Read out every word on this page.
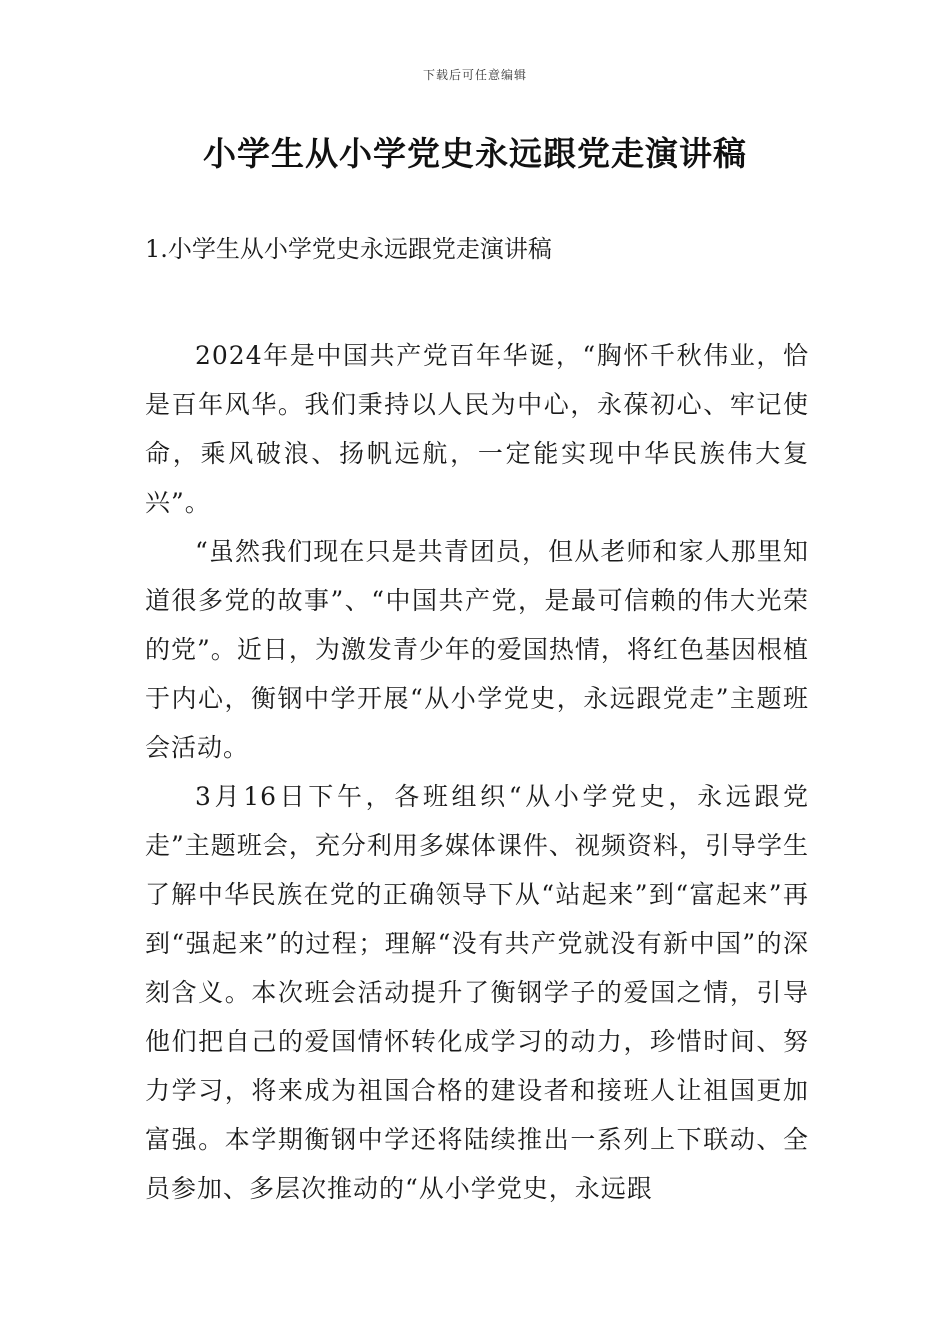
下载后可任意编辑
小学生从小学党史永远跟党走演讲稿
1.小学生从小学党史永远跟党走演讲稿

2024年是中国共产党百年华诞，“胸怀千秋伟业，恰是百年风华。我们秉持以人民为中心，永葆初心、牢记使命，乘风破浪、扬帆远航，一定能实现中华民族伟大复兴”。

“虽然我们现在只是共青团员，但从老师和家人那里知道很多党的故事”、“中国共产党，是最可信赖的伟大光荣的党”。近日，为激发青少年的爱国热情，将红色基因根植于内心，衡钢中学开展“从小学党史，永远跟党走”主题班会活动。

3月16日下午，各班组织“从小学党史，永远跟党走”主题班会，充分利用多媒体课件、视频资料，引导学生了解中华民族在党的正确领导下从“站起来”到“富起来”再到“强起来”的过程；理解“没有共产党就没有新中国”的深刻含义。本次班会活动提升了衡钢学子的爱国之情，引导他们把自己的爱国情怀转化成学习的动力，珍惜时间、努力学习，将来成为祖国合格的建设者和接班人让祖国更加富强。本学期衡钢中学还将陆续推出一系列上下联动、全员参加、多层次推动的“从小学党史，永远跟
